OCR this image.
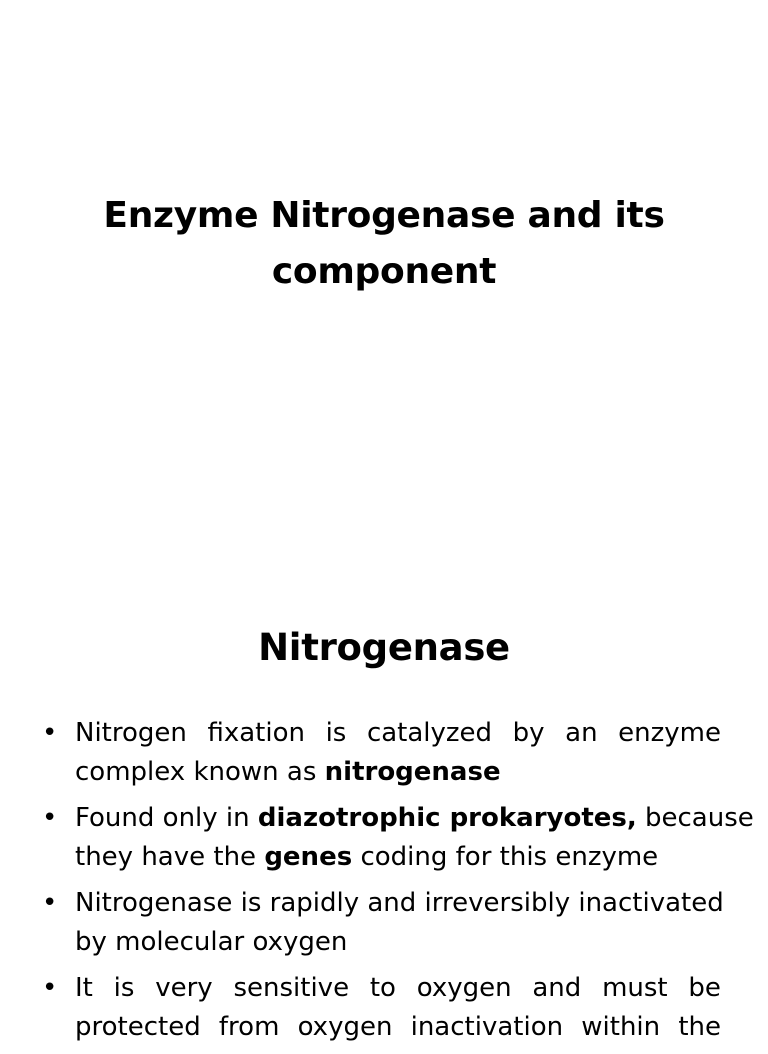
Enzyme Nitrogenase and its
component
Nitrogenase
• Nitrogen fixation is catalyzed by an enzyme
complex known as nitrogenase
• Found only in diazotrophic prokaryotes, because
they have the genes coding for this enzyme
• Nitrogenase is rapidly and irreversibly inactivated
by molecular oxygen
• It is very sensitive to oxygen and must be
protected from oxygen inactivation within the
